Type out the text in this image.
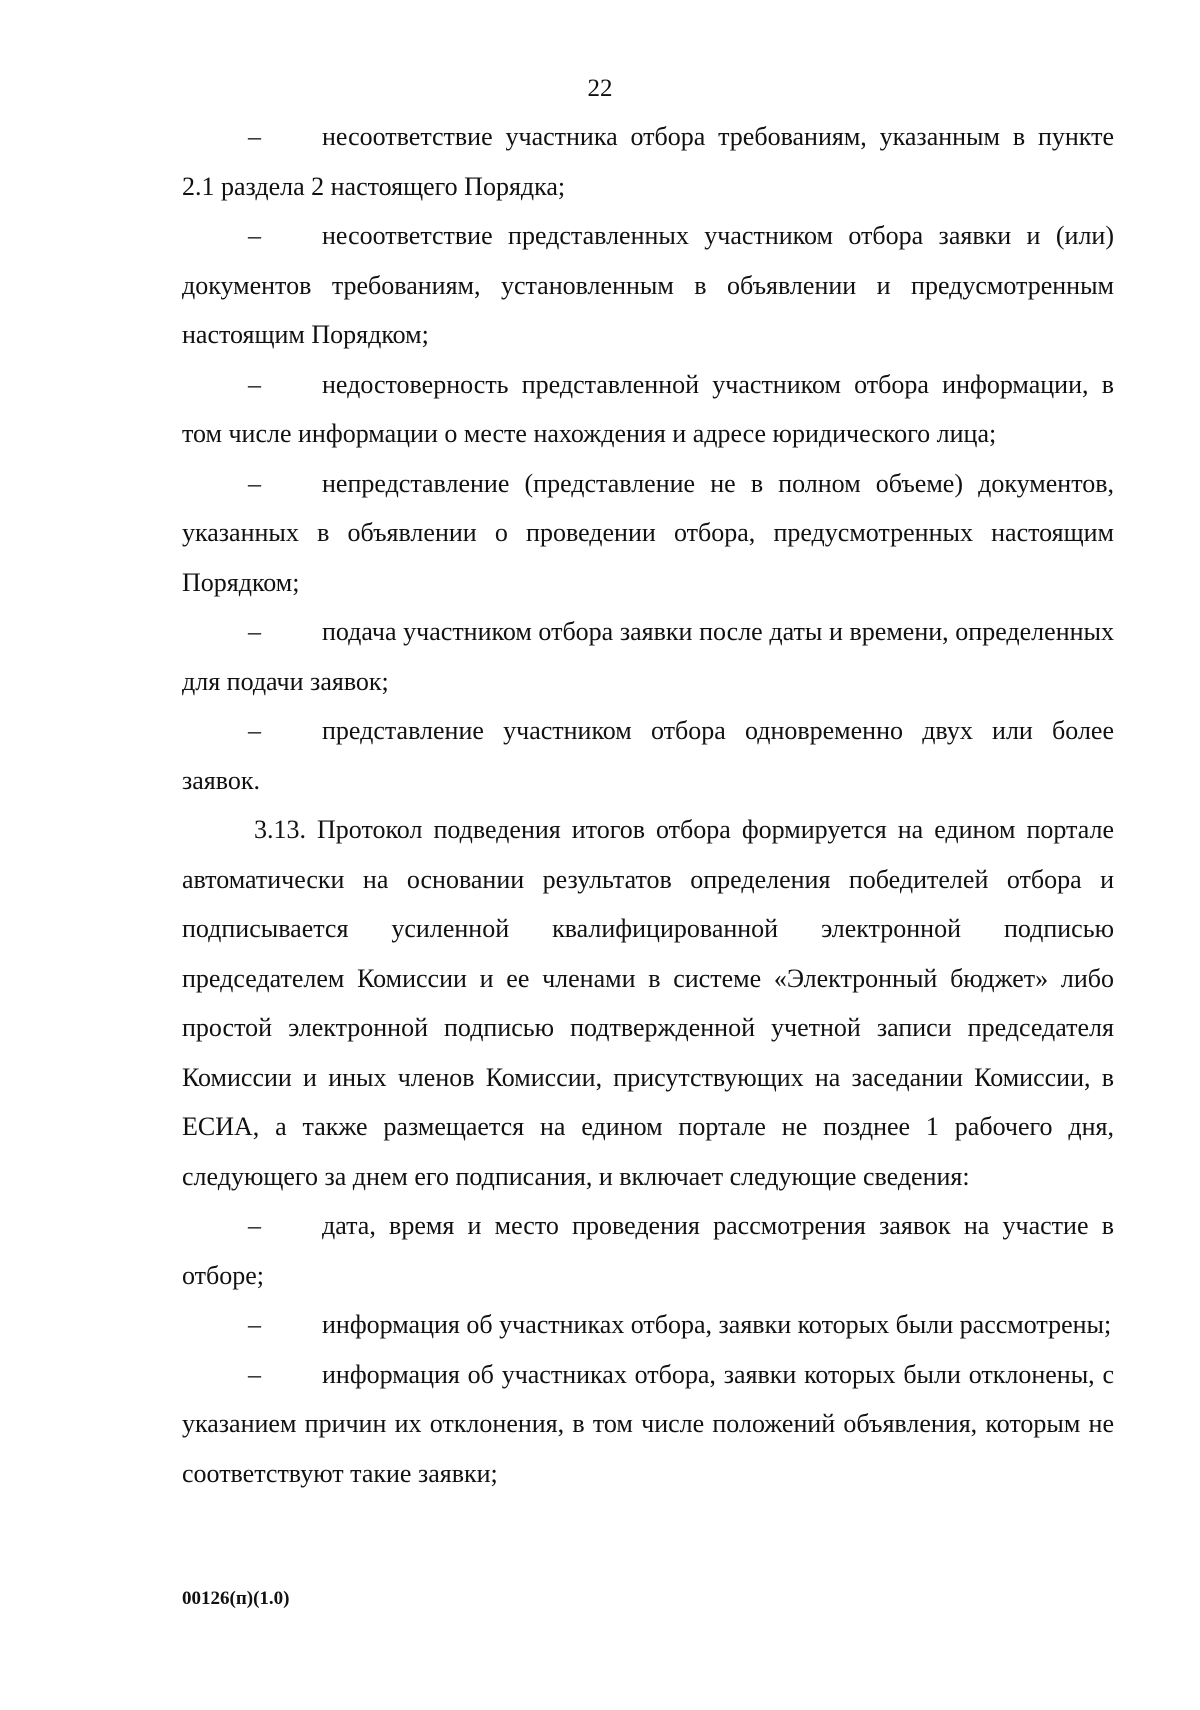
22

– несоответствие участника отбора требованиям, указанным в пункте 2.1 раздела 2 настоящего Порядка;

– несоответствие представленных участником отбора заявки и (или) документов требованиям, установленным в объявлении и предусмотренным настоящим Порядком;

– недостоверность представленной участником отбора информации, в том числе информации о месте нахождения и адресе юридического лица;

– непредставление (представление не в полном объеме) документов, указанных в объявлении о проведении отбора, предусмотренных настоящим Порядком;

– подача участником отбора заявки после даты и времени, определенных для подачи заявок;

– представление участником отбора одновременно двух или более заявок.

3.13. Протокол подведения итогов отбора формируется на едином портале автоматически на основании результатов определения победителей отбора и подписывается усиленной квалифицированной электронной подписью председателем Комиссии и ее членами в системе «Электронный бюджет» либо простой электронной подписью подтвержденной учетной записи председателя Комиссии и иных членов Комиссии, присутствующих на заседании Комиссии, в ЕСИА, а также размещается на едином портале не позднее 1 рабочего дня, следующего за днем его подписания, и включает следующие сведения:

– дата, время и место проведения рассмотрения заявок на участие в отборе;

– информация об участниках отбора, заявки которых были рассмотрены;

– информация об участниках отбора, заявки которых были отклонены, с указанием причин их отклонения, в том числе положений объявления, которым не соответствуют такие заявки;

00126(п)(1.0)
